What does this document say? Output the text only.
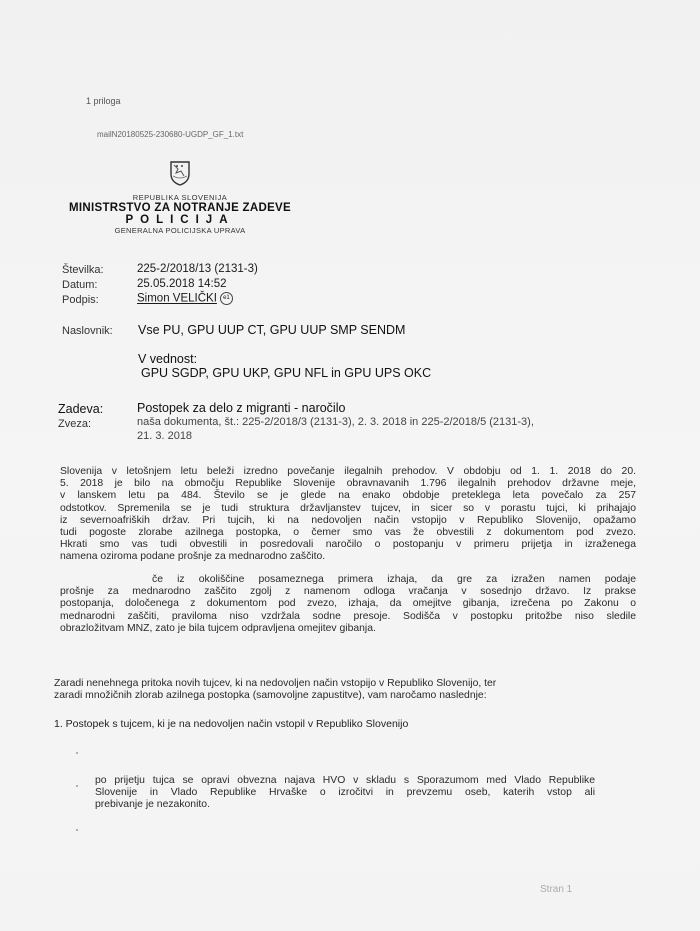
1 priloga
mailN20180525-230680-UGDP_GF_1.txt
REPUBLIKA SLOVENIJA
MINISTRSTVO ZA NOTRANJE ZADEVE
POLICIJA
GENERALNA POLICIJSKA UPRAVA
Številka:	225-2/2018/13 (2131-3)
Datum:	25.05.2018 14:52
Podpis:	Simon VELIČKI e1
Naslovnik: Vse PU, GPU UUP CT, GPU UUP SMP SENDM
V vednost:
GPU SGDP, GPU UKP, GPU NFL in GPU UPS OKC
Zadeva:	Postopek za delo z migranti - naročilo
Zveza:	naša dokumenta, št.: 225-2/2018/3 (2131-3), 2. 3. 2018 in 225-2/2018/5 (2131-3),
21. 3. 2018
Slovenija v letošnjem letu beleži izredno povečanje ilegalnih prehodov. V obdobju od 1. 1. 2018 do 20.
5. 2018 je bilo na območju Republike Slovenije obravnavanih 1.796 ilegalnih prehodov državne meje,
v lanskem letu pa 484. Število se je glede na enako obdobje preteklega leta povečalo za 257
odstotkov. Spremenila se je tudi struktura državljanstev tujcev, in sicer so v porastu tujci, ki prihajajo
iz severnoafriških držav. Pri tujcih, ki na nedovoljen način vstopijo v Republiko Slovenijo, opažamo
tudi pogoste zlorabe azilnega postopka, o čemer smo vas že obvestili z dokumentom pod zvezo.
Hkrati smo vas tudi obvestili in posredovali naročilo o postopanju v primeru prijetja in izraženega
namena oziroma podane prošnje za mednarodno zaščito.
če iz okoliščine posameznega primera izhaja, da gre za izražen namen podaje
prošnje za mednarodno zaščito zgolj z namenom odloga vračanja v sosednjo državo. Iz prakse
postopanja, določenega z dokumentom pod zvezo, izhaja, da omejitve gibanja, izrečena po Zakonu o
mednarodni zaščiti, praviloma niso vzdržala sodne presoje. Sodišča v postopku pritožbe niso sledile
obrazložitvam MNZ, zato je bila tujcem odpravljena omejitev gibanja.
Zaradi nenehnega pritoka novih tujcev, ki na nedovoljen način vstopijo v Republiko Slovenijo, ter
zaradi množičnih zlorab azilnega postopka (samovoljne zapustitve), vam naročamo naslednje:
1. Postopek s tujcem, ki je na nedovoljen način vstopil v Republiko Slovenijo
po prijetju tujca se opravi obvezna najava HVO v skladu s Sporazumom med Vlado Republike
Slovenije in Vlado Republike Hrvaške o izročitvi in prevzemu oseb, katerih vstop ali
prebivanje je nezakonito.
Stran 1
